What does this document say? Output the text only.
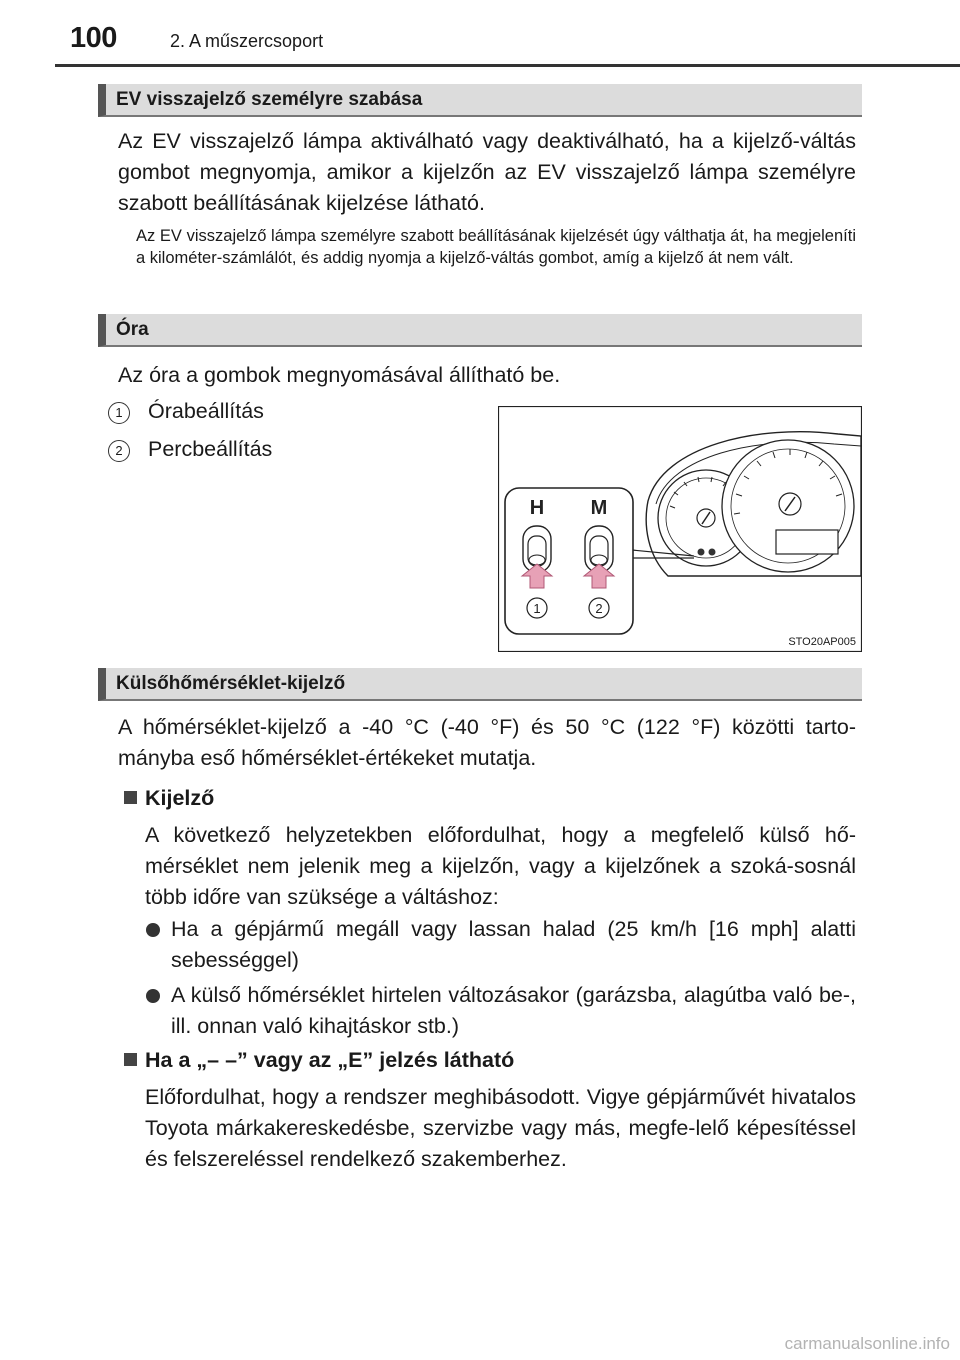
100	2. A műszercsoport
EV visszajelző személyre szabása
Az EV visszajelző lámpa aktiválható vagy deaktiválható, ha a kijelző-váltás gombot megnyomja, amikor a kijelzőn az EV visszajelző lámpa személyre szabott beállításának kijelzése látható.
Az EV visszajelző lámpa személyre szabott beállításának kijelzését úgy válthatja át, ha megjeleníti a kilométer-számlálót, és addig nyomja a kijelző-váltás gombot, amíg a kijelző át nem vált.
Óra
Az óra a gombok megnyomásával állítható be.
1 Órabeállítás
2 Percbeállítás
H M
1	2
STO20AP005
Külsőhőmérséklet-kijelző
A hőmérséklet-kijelző a -40 °C (-40 °F) és 50 °C (122 °F) közötti tarto-mányba eső hőmérséklet-értékeket mutatja.
Kijelző
A következő helyzetekben előfordulhat, hogy a megfelelő külső hő-mérséklet nem jelenik meg a kijelzőn, vagy a kijelzőnek a szoká-sosnál több időre van szüksége a váltáshoz:
Ha a gépjármű megáll vagy lassan halad (25 km/h [16 mph] alatti sebességgel)
A külső hőmérséklet hirtelen változásakor (garázsba, alagútba való be-, ill. onnan való kihajtáskor stb.)
Ha a „– –” vagy az „E” jelzés látható
Előfordulhat, hogy a rendszer meghibásodott. Vigye gépjárművét hivatalos Toyota márkakereskedésbe, szervizbe vagy más, megfe-lelő képesítéssel és felszereléssel rendelkező szakemberhez.
carmanualsonline.info
